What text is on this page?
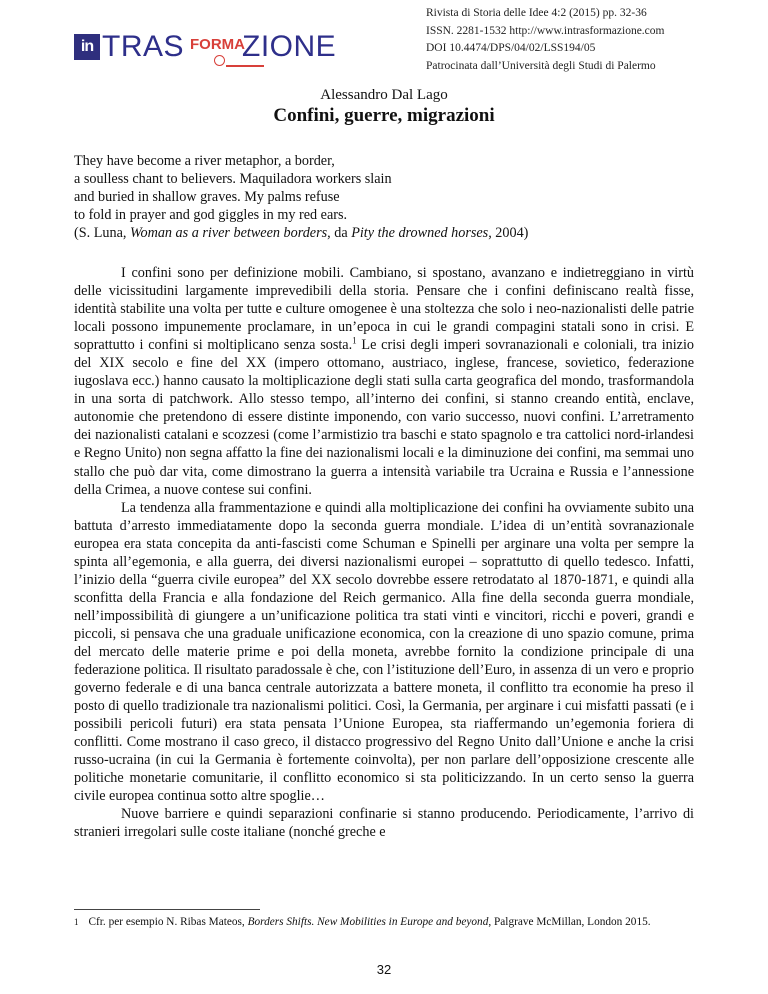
in TRAS FORMA
ZIONE
Rivista di Storia delle Idee 4:2 (2015) pp. 32-36
ISSN. 2281-1532 http://www.intrasformazione.com
DOI 10.4474/DPS/04/02/LSS194/05
Patrocinata dall’Università degli Studi di Palermo
Alessandro Dal Lago
Confini, guerre, migrazioni
They have become a river metaphor, a border,
a soulless chant to believers. Maquiladora workers slain
and buried in shallow graves. My palms refuse
to fold in prayer and god giggles in my red ears.
(S. Luna, Woman as a river between borders, da Pity the drowned horses, 2004)

I confini sono per definizione mobili. Cambiano, si spostano, avanzano e indietreggiano in virtù delle vicissitudini largamente imprevedibili della storia. Pensare che i confini definiscano realtà fisse, identità stabilite una volta per tutte e culture omogenee è una stoltezza che solo i neo-nazionalisti delle patrie locali possono impunemente proclamare, in un’epoca in cui le grandi compagini statali sono in crisi. E soprattutto i confini si moltiplicano senza sosta.$^1$ Le crisi degli imperi sovranazionali e coloniali, tra inizio del XIX secolo e fine del XX (impero ottomano, austriaco, inglese, francese, sovietico, federazione iugoslava ecc.) hanno causato la moltiplicazione degli stati sulla carta geografica del mondo, trasformandola in una sorta di patchwork. Allo stesso tempo, all’interno dei confini, si stanno creando entità, enclave, autonomie che pretendono di essere distinte imponendo, con vario successo, nuovi confini. L’arretramento dei nazionalisti catalani e scozzesi (come l’armistizio tra baschi e stato spagnolo e tra cattolici nord-irlandesi e Regno Unito) non segna affatto la fine dei nazionalismi locali e la diminuzione dei confini, ma semmai uno stallo che può dar vita, come dimostrano la guerra a intensità variabile tra Ucraina e Russia e l’annessione della Crimea, a nuove contese sui confini.

La tendenza alla frammentazione e quindi alla moltiplicazione dei confini ha ovviamente subito una battuta d’arresto immediatamente dopo la seconda guerra mondiale. L’idea di un’entità sovranazionale europea era stata concepita da anti-fascisti come Schuman e Spinelli per arginare una volta per sempre la spinta all’egemonia, e alla guerra, dei diversi nazionalismi europei – soprattutto di quello tedesco. Infatti, l’inizio della “guerra civile europea” del XX secolo dovrebbe essere retrodatato al 1870-1871, e quindi alla sconfitta della Francia e alla fondazione del Reich germanico. Alla fine della seconda guerra mondiale, nell’impossibilità di giungere a un’unificazione politica tra stati vinti e vincitori, ricchi e poveri, grandi e piccoli, si pensava che una graduale unificazione economica, con la creazione di uno spazio comune, prima del mercato delle materie prime e poi della moneta, avrebbe fornito la condizione principale di una federazione politica. Il risultato paradossale è che, con l’istituzione dell’Euro, in assenza di un vero e proprio governo federale e di una banca centrale autorizzata a battere moneta, il conflitto tra economie ha preso il posto di quello tradizionale tra nazionalismi politici. Così, la Germania, per arginare i cui misfatti passati (e i possibili pericoli futuri) era stata pensata l’Unione Europea, sta riaffermando un’egemonia foriera di conflitti. Come mostrano il caso greco, il distacco progressivo del Regno Unito dall’Unione e anche la crisi russo-ucraina (in cui la Germania è fortemente coinvolta), per non parlare dell’opposizione crescente alle politiche monetarie comunitarie, il conflitto economico si sta politicizzando. In un certo senso la guerra civile europea continua sotto altre spoglie…

Nuove barriere e quindi separazioni confinarie si stanno producendo. Periodicamente, l’arrivo di stranieri irregolari sulle coste italiane (nonché greche e

$^1$ Cfr. per esempio N. Ribas Mateos, Borders Shifts. New Mobilities in Europe and beyond, Palgrave McMillan, London 2015.
32
